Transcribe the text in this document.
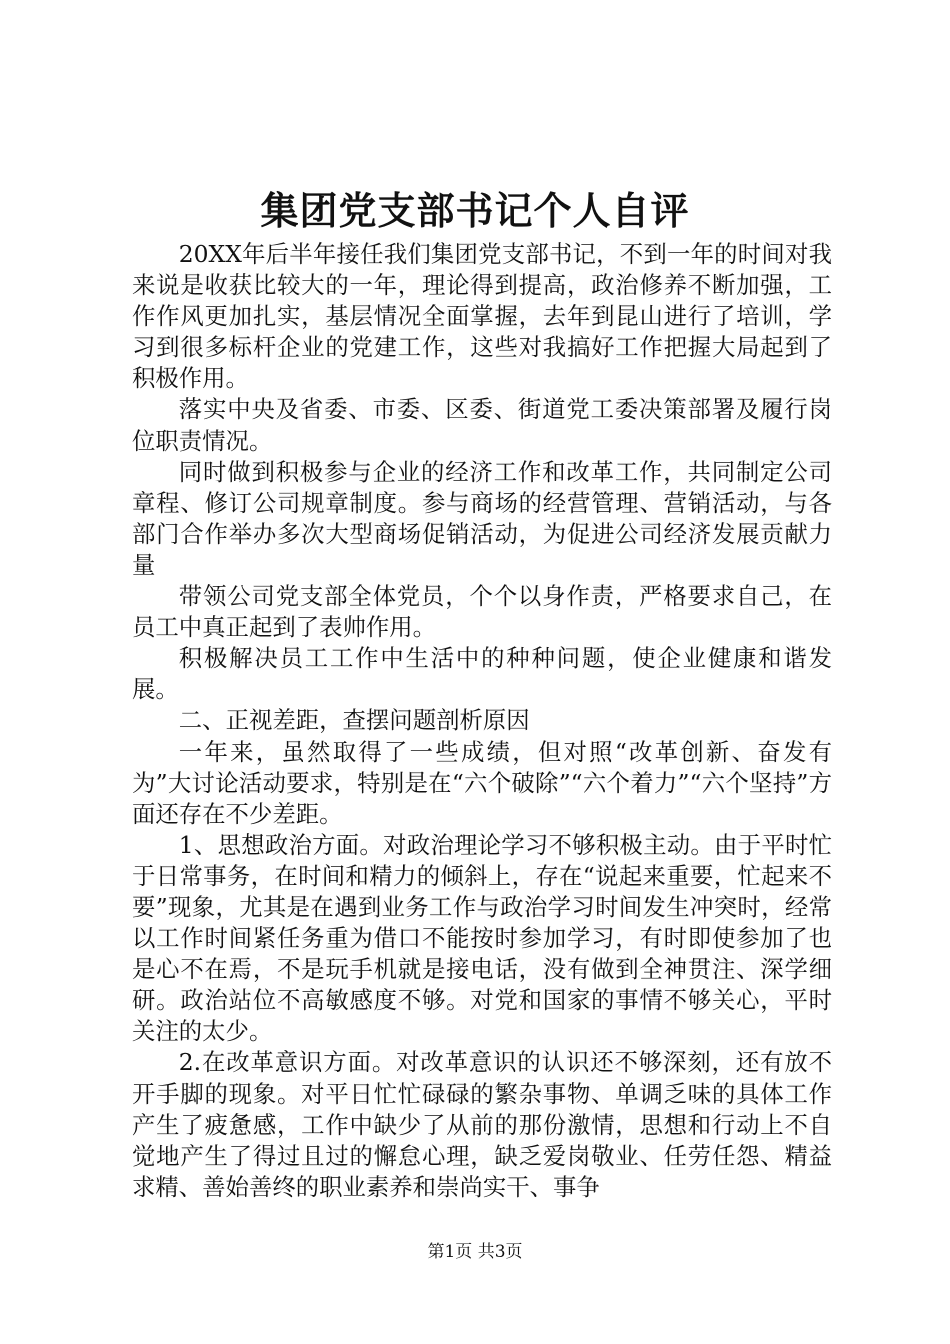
集团党支部书记个人自评

20XX年后半年接任我们集团党支部书记，不到一年的时间对我来说是收获比较大的一年，理论得到提高，政治修养不断加强，工作作风更加扎实，基层情况全面掌握，去年到昆山进行了培训，学习到很多标杆企业的党建工作，这些对我搞好工作把握大局起到了积极作用。

落实中央及省委、市委、区委、街道党工委决策部署及履行岗位职责情况。

同时做到积极参与企业的经济工作和改革工作，共同制定公司章程、修订公司规章制度。参与商场的经营管理、营销活动，与各部门合作举办多次大型商场促销活动，为促进公司经济发展贡献力量

带领公司党支部全体党员，个个以身作责，严格要求自己，在员工中真正起到了表帅作用。

积极解决员工工作中生活中的种种问题，使企业健康和谐发展。

二、正视差距，查摆问题剖析原因

一年来，虽然取得了一些成绩，但对照“改革创新、奋发有为”大讨论活动要求，特别是在“六个破除”“六个着力”“六个坚持”方面还存在不少差距。

1、思想政治方面。对政治理论学习不够积极主动。由于平时忙于日常事务，在时间和精力的倾斜上，存在“说起来重要，忙起来不要”现象，尤其是在遇到业务工作与政治学习时间发生冲突时，经常以工作时间紧任务重为借口不能按时参加学习，有时即使参加了也是心不在焉，不是玩手机就是接电话，没有做到全神贯注、深学细研。政治站位不高敏感度不够。对党和国家的事情不够关心，平时关注的太少。

2.在改革意识方面。对改革意识的认识还不够深刻，还有放不开手脚的现象。对平日忙忙碌碌的繁杂事物、单调乏味的具体工作产生了疲惫感，工作中缺少了从前的那份激情，思想和行动上不自觉地产生了得过且过的懈怠心理，缺乏爱岗敬业、任劳任怨、精益求精、善始善终的职业素养和崇尚实干、事争

第1页 共3页
